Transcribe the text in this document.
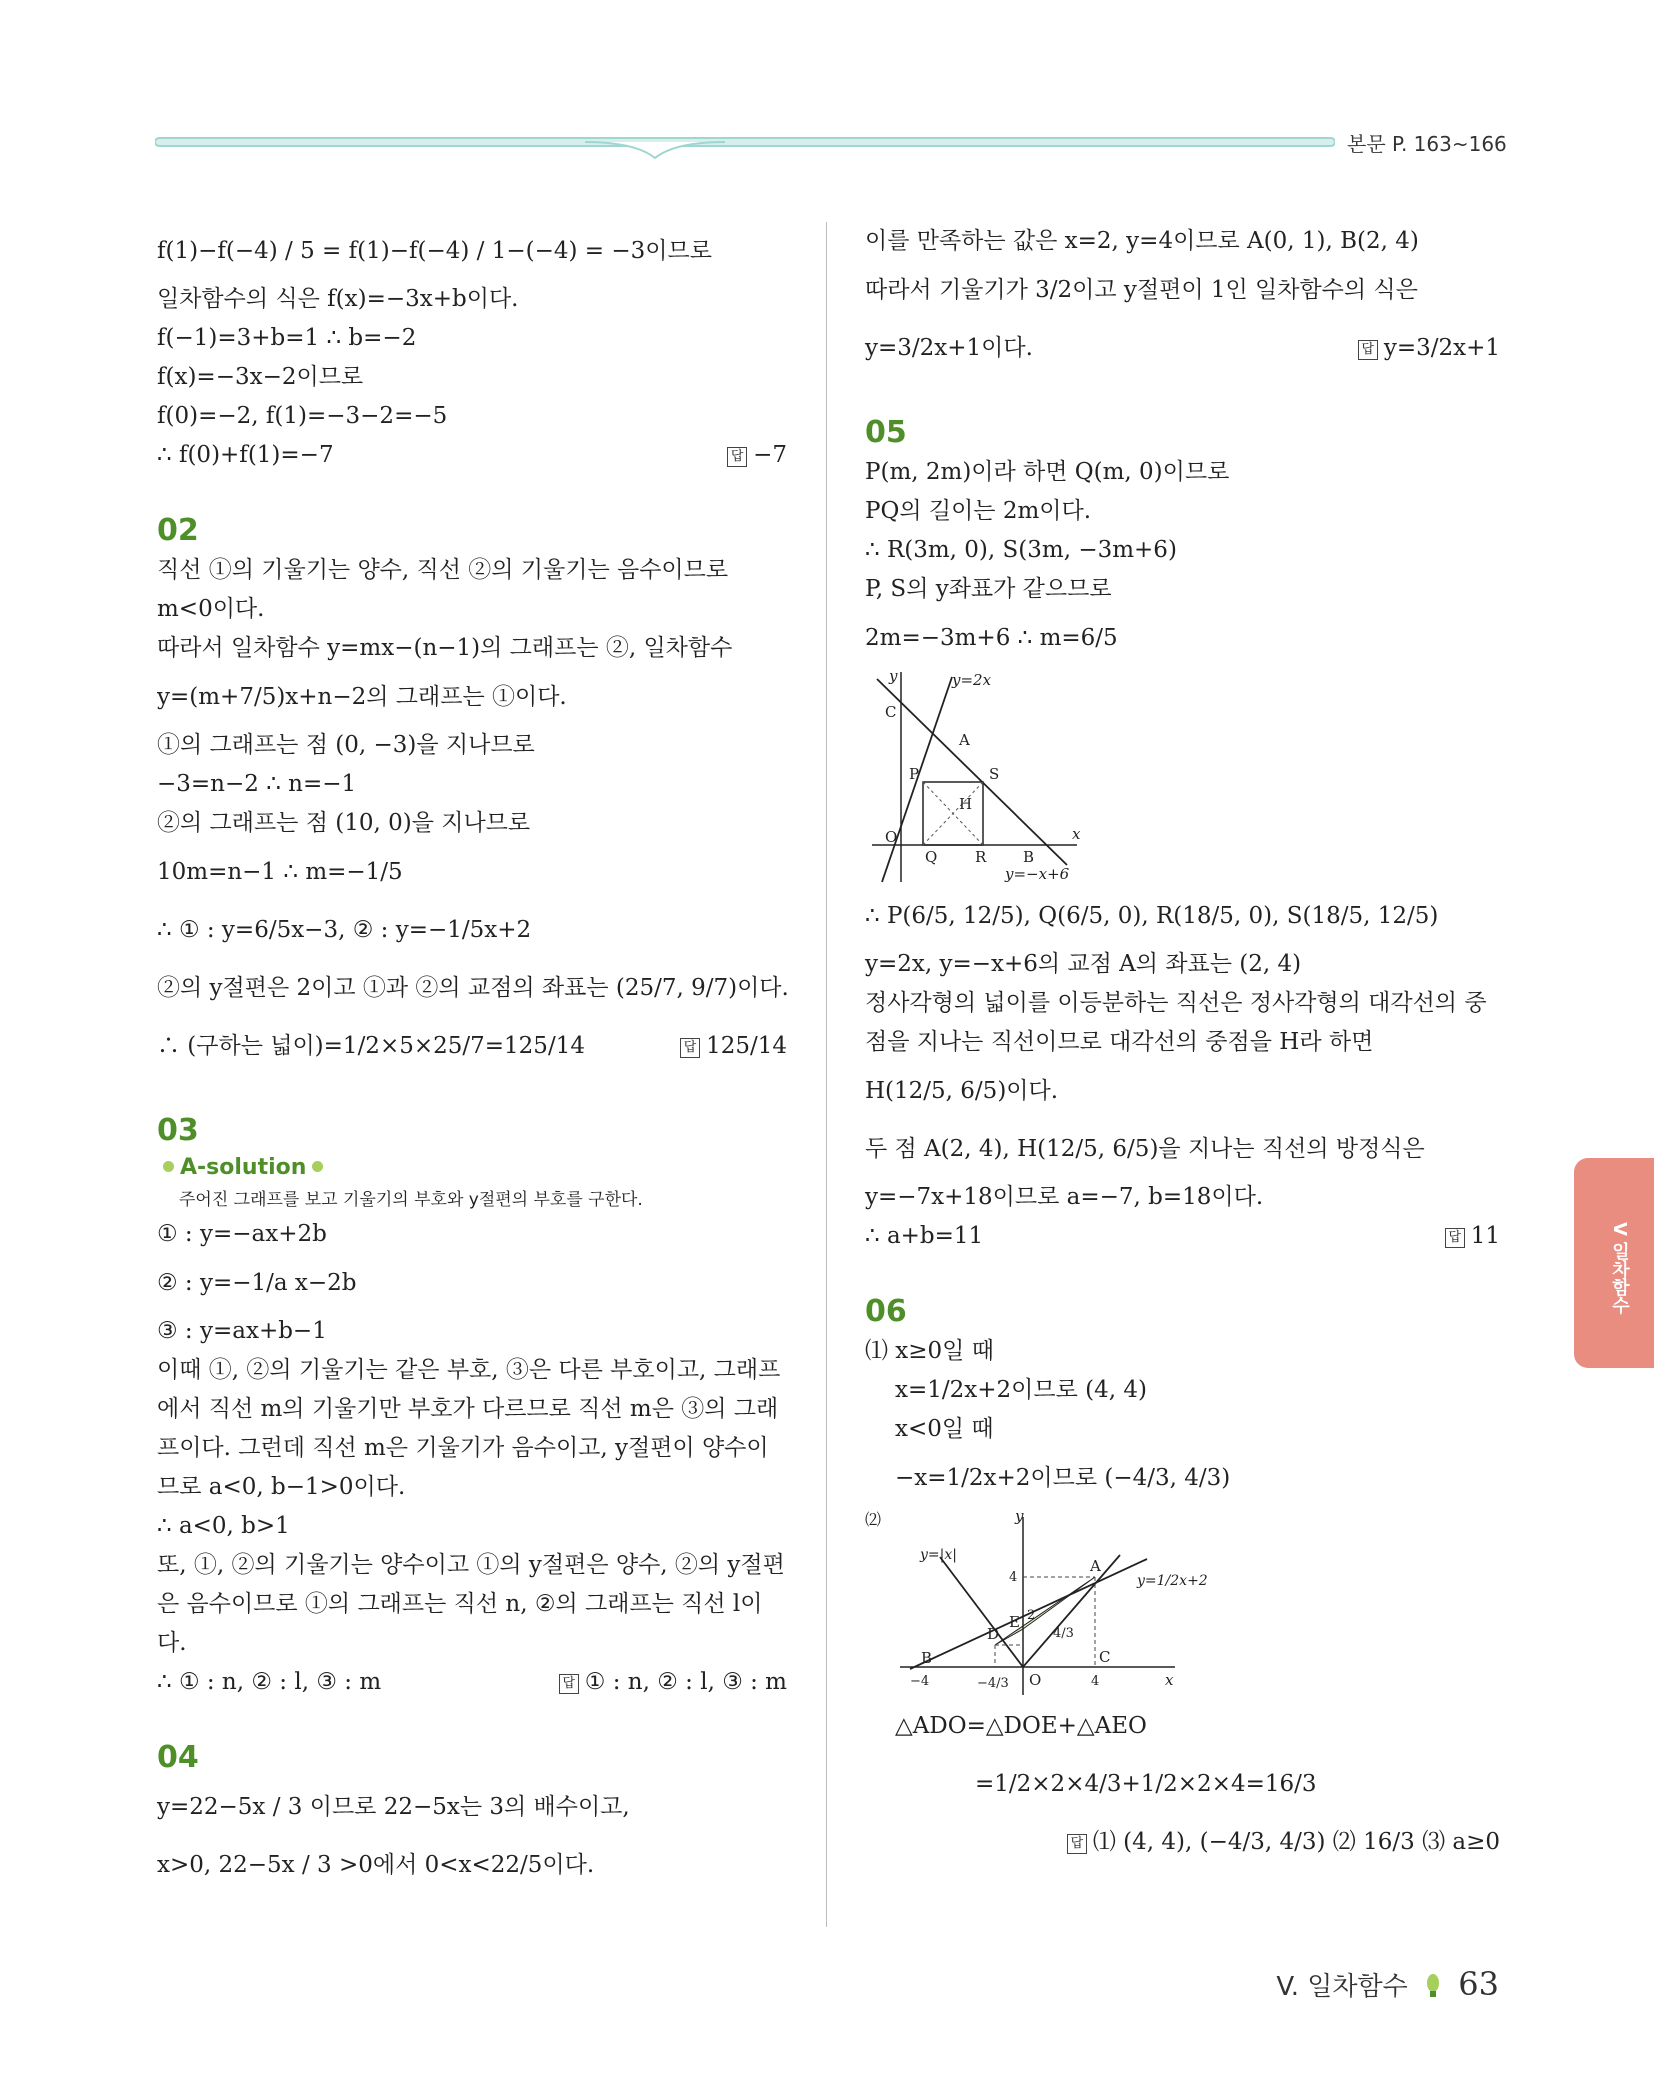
본문 P. 163~166
f(1)−f(−4) / 5 = f(1)−f(−4) / 1−(−4) = −3이므로
일차함수의 식은 f(x)=−3x+b이다.
f(−1)=3+b=1 ∴ b=−2
f(x)=−3x−2이므로
f(0)=−2, f(1)=−3−2=−5
∴ f(0)+f(1)=−7	답 −7
02
직선 ①의 기울기는 양수, 직선 ②의 기울기는 음수이므로
m<0이다.
따라서 일차함수 y=mx−(n−1)의 그래프는 ②, 일차함수
y=(m+7/5)x+n−2의 그래프는 ①이다.
①의 그래프는 점 (0, −3)을 지나므로
−3=n−2 ∴ n=−1
②의 그래프는 점 (10, 0)을 지나므로
10m=n−1 ∴ m=−1/5
∴ ① : y=6/5x−3, ② : y=−1/5x+2
②의 y절편은 2이고 ①과 ②의 교점의 좌표는 (25/7, 9/7)이다.
∴ (구하는 넓이)=1/2×5×25/7=125/14	답 125/14
03
A-solution
주어진 그래프를 보고 기울기의 부호와 y절편의 부호를 구한다.
① : y=−ax+2b
② : y=−1/a x−2b
③ : y=ax+b−1
이때 ①, ②의 기울기는 같은 부호, ③은 다른 부호이고, 그래프
에서 직선 m의 기울기만 부호가 다르므로 직선 m은 ③의 그래
프이다. 그런데 직선 m은 기울기가 음수이고, y절편이 양수이
므로 a<0, b−1>0이다.
∴ a<0, b>1
또, ①, ②의 기울기는 양수이고 ①의 y절편은 양수, ②의 y절편
은 음수이므로 ①의 그래프는 직선 n, ②의 그래프는 직선 l이
다.
∴ ① : n, ② : l, ③ : m	답 ① : n, ② : l, ③ : m
04
y=22−5x / 3 이므로 22−5x는 3의 배수이고,
x>0, 22−5x / 3 >0에서 0<x<22/5이다.
이를 만족하는 값은 x=2, y=4이므로 A(0, 1), B(2, 4)
따라서 기울기가 3/2이고 y절편이 1인 일차함수의 식은
y=3/2x+1이다.	답 y=3/2x+1
05
P(m, 2m)이라 하면 Q(m, 0)이므로
PQ의 길이는 2m이다.
∴ R(3m, 0), S(3m, −3m+6)
P, S의 y좌표가 같으므로
2m=−3m+6 ∴ m=6/5
y
x
O
C
A
P	S
H
Q	R B
y=2x
y=−x+6
∴ P(6/5, 12/5), Q(6/5, 0), R(18/5, 0), S(18/5, 12/5)
y=2x, y=−x+6의 교점 A의 좌표는 (2, 4)
정사각형의 넓이를 이등분하는 직선은 정사각형의 대각선의 중
점을 지나는 직선이므로 대각선의 중점을 H라 하면
H(12/5, 6/5)이다.
두 점 A(2, 4), H(12/5, 6/5)을 지나는 직선의 방정식은
y=−7x+18이므로 a=−7, b=18이다.
∴ a+b=11	답 11
06
⑴ x≥0일 때
x=1/2x+2이므로 (4, 4)
x<0일 때
−x=1/2x+2이므로 (−4/3, 4/3)
⑵	y
x
O
y=|x|
y=1/2x+2
A
B	C
D
E
4
2
−4	−4/3
4/3
4
△ADO=△DOE+△AEO
=1/2×2×4/3+1/2×2×4=16/3
답 ⑴ (4, 4), (−4/3, 4/3) ⑵ 16/3 ⑶ a≥0
V 일차함수
V. 일차함수 63
